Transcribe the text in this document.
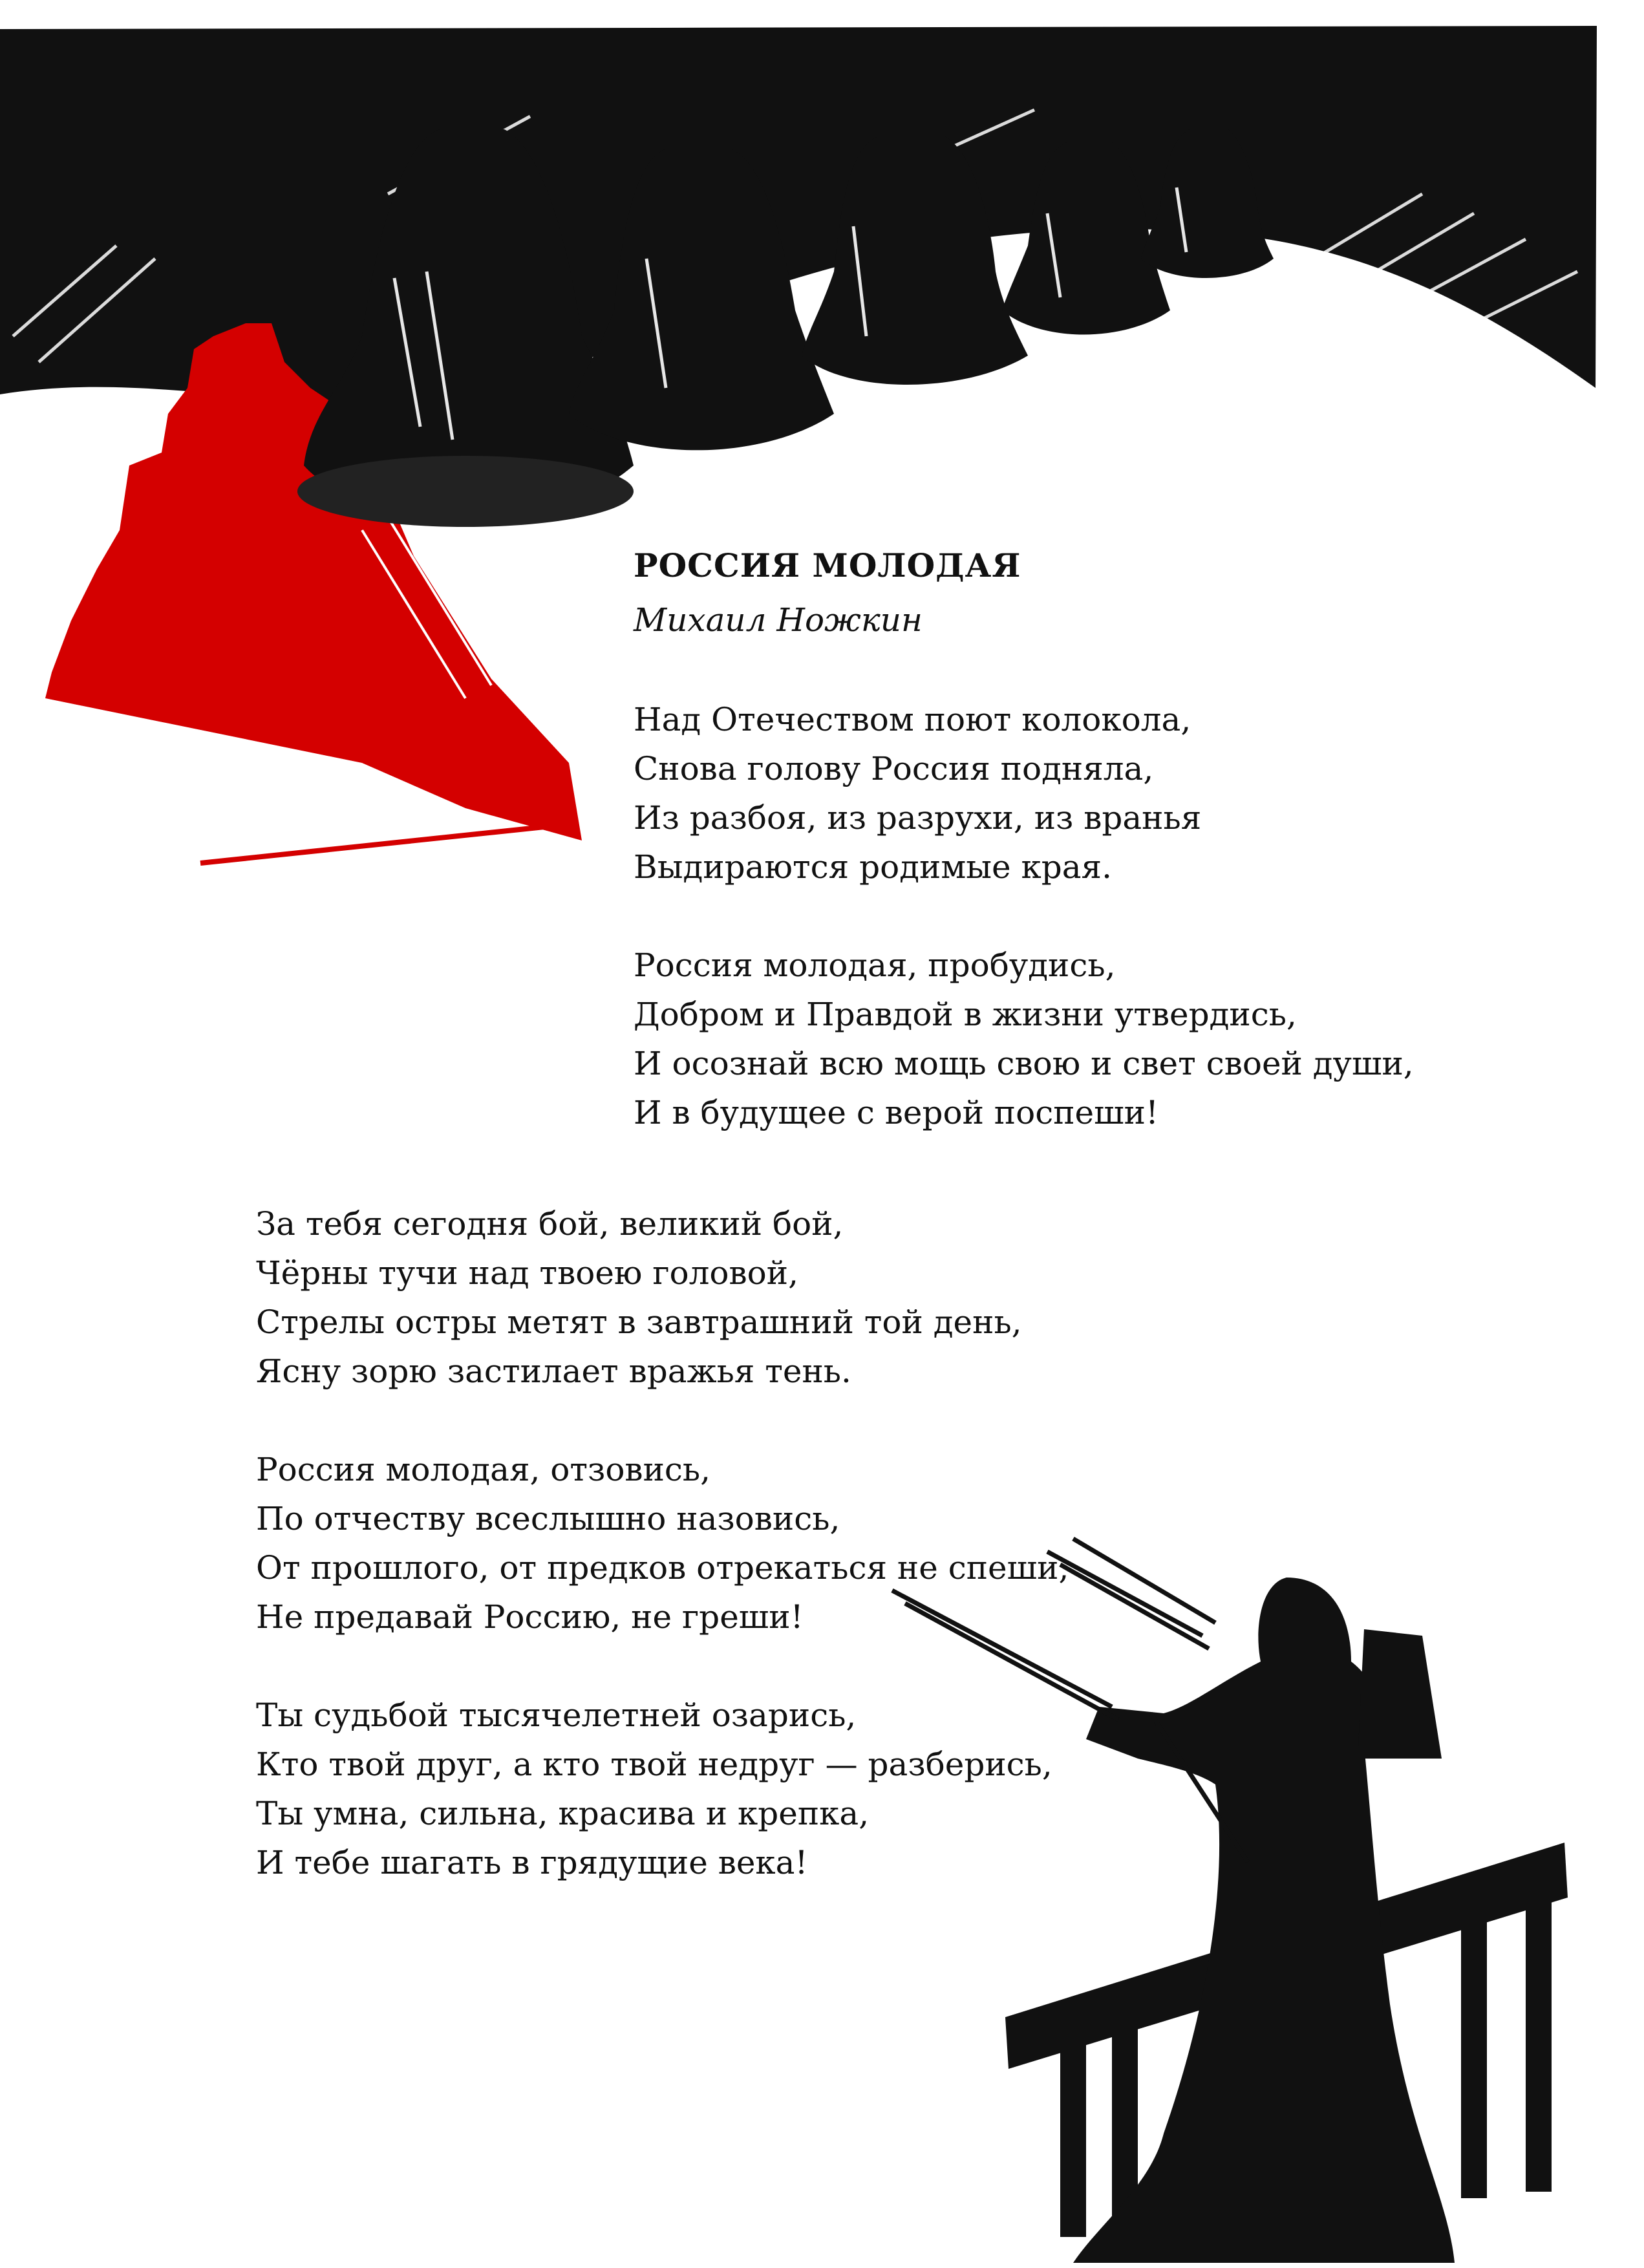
РОССИЯ МОЛОДАЯ

Михаил Ножкин

Над Отечеством поют колокола,
Снова голову Россия подняла,
Из разбоя, из разрухи, из вранья
Выдираются родимые края.
Россия молодая, пробудись,
Добром и Правдой в жизни утвердись,
И осознай всю мощь свою и свет своей души,
И в будущее с верой поспеши!
За тебя сегодня бой, великий бой,
Чёрны тучи над твоею головой,
Стрелы остры метят в завтрашний той день,
Ясну зорю застилает вражья тень.
Россия молодая, отзовись,
По отчеству всеслышно назовись,
От прошлого, от предков отрекаться не спеши,
Не предавай Россию, не греши!
Ты судьбой тысячелетней озарись,
Кто твой друг, а кто твой недруг — разберись,
Ты умна, сильна, красива и крепка,
И тебе шагать в грядущие века!
